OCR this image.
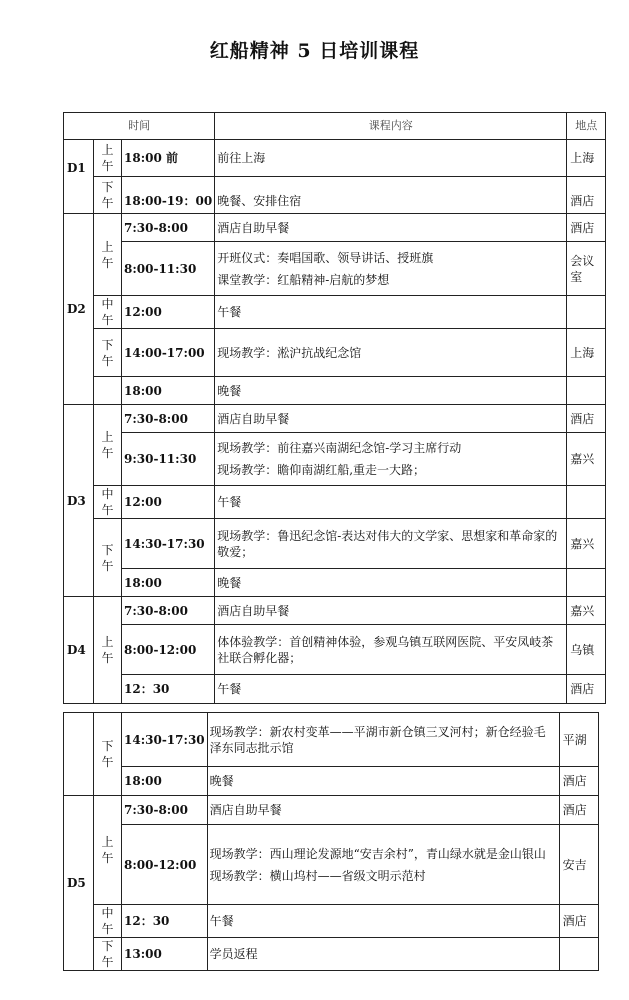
红船精神 5 日培训课程
时间			课程内容	地点
D1	上午	18:00 前	前往上海	上海
	下午	18:00-19：00	晚餐、安排住宿	酒店
D2	上午	7:30-8:00	酒店自助早餐	酒店
		8:00-11:30	开班仪式：奏唱国歌、领导讲话、授班旗
课堂教学：红船精神-启航的梦想	会议室
	中午	12:00	午餐	
	下午	14:00-17:00	现场教学：淞沪抗战纪念馆	上海
		18:00	晚餐	
D3	上午	7:30-8:00	酒店自助早餐	酒店
		9:30-11:30	现场教学：前往嘉兴南湖纪念馆-学习主席行动
现场教学：瞻仰南湖红船,重走一大路；	嘉兴
	中午	12:00	午餐	
	下午	14:30-17:30	现场教学：鲁迅纪念馆-表达对伟大的文学家、思想家和革命家的敬爱；	嘉兴
		18:00	晚餐	
D4	上午	7:30-8:00	酒店自助早餐	嘉兴
		8:00-12:00	体体验教学：首创精神体验，参观乌镇互联网医院、平安凤岐茶社联合孵化器；	乌镇
		12：30	午餐	酒店
	下午	14:30-17:30	现场教学：新农村变革——平湖市新仓镇三叉河村；新仓经验毛泽东同志批示馆	平湖
		18:00	晚餐	酒店
D5	上午	7:30-8:00	酒店自助早餐	酒店
		8:00-12:00	现场教学：西山理论发源地“安吉余村”，青山绿水就是金山银山
现场教学：横山坞村——省级文明示范村	安吉
	中午	12：30	午餐	酒店
	下午	13:00	学员返程	
